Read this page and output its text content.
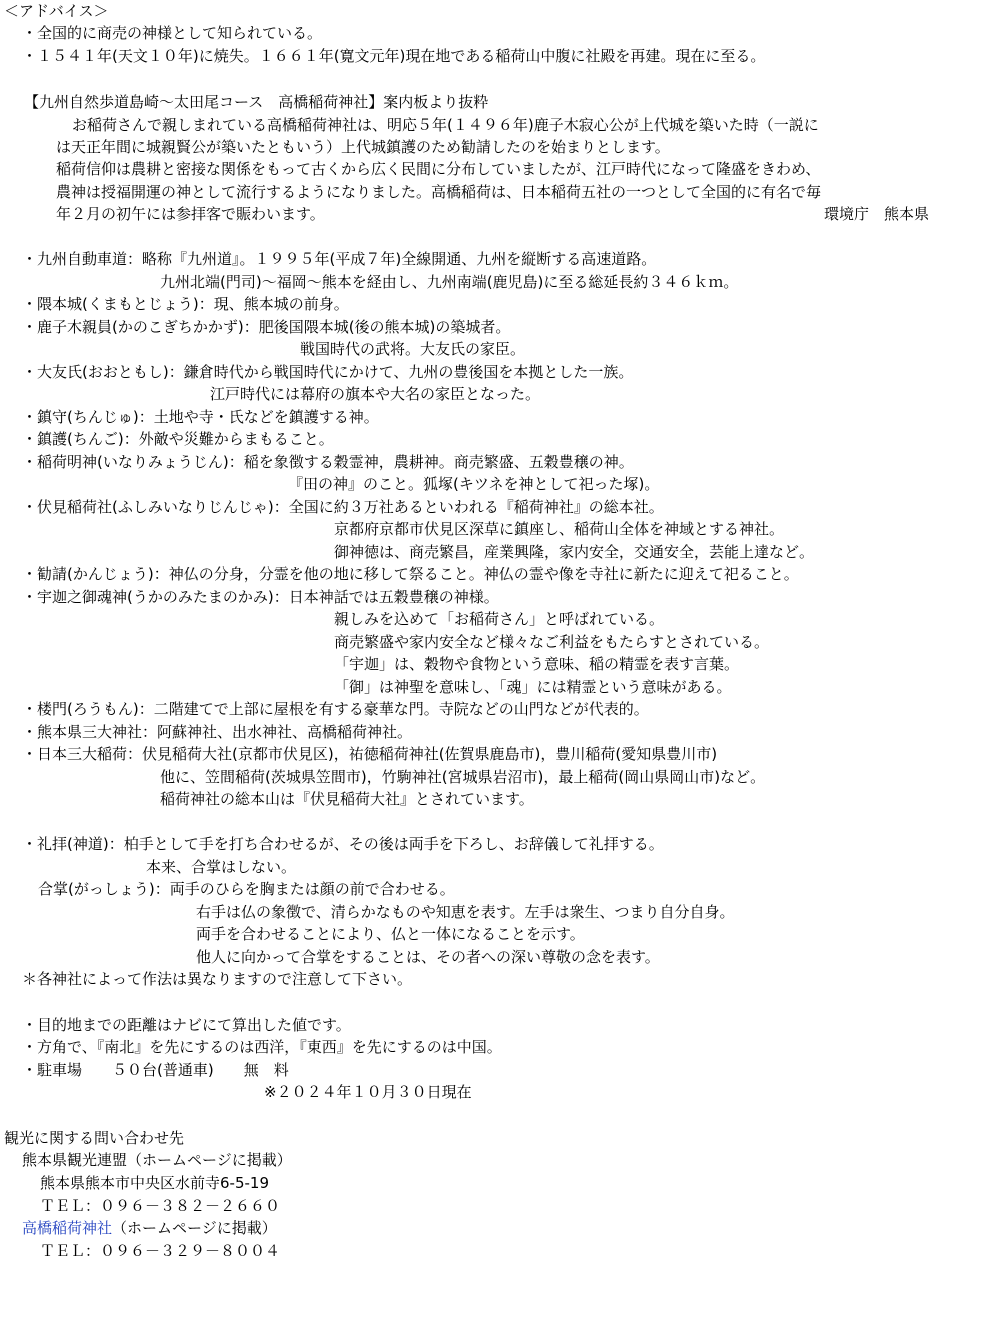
＜アドバイス＞
・全国的に商売の神様として知られている。
・１５４１年(天文１０年)に焼失。１６６１年(寛文元年)現在地である稲荷山中腹に社殿を再建。現在に至る。
【九州自然歩道島崎～太田尾コース　高橋稲荷神社】案内板より抜粋
お稲荷さんで親しまれている高橋稲荷神社は、明応５年(１４９６年)鹿子木寂心公が上代城を築いた時（一説に
は天正年間に城親賢公が築いたともいう）上代城鎮護のため勧請したのを始まりとします。
稲荷信仰は農耕と密接な関係をもって古くから広く民間に分布していましたが、江戸時代になって隆盛をきわめ、
農神は授福開運の神として流行するようになりました。高橋稲荷は、日本稲荷五社の一つとして全国的に有名で毎
年２月の初午には参拝客で賑わいます。	環境庁　熊本県
・九州自動車道：略称『九州道』。１９９５年(平成７年)全線開通、九州を縦断する高速道路。
九州北端(門司)～福岡～熊本を経由し、九州南端(鹿児島)に至る総延長約３４６ｋｍ。
・隈本城(くまもとじょう)：現、熊本城の前身。
・鹿子木親員(かのこぎちかかず)：肥後国隈本城(後の熊本城)の築城者。
戦国時代の武将。大友氏の家臣。
・大友氏(おおともし)：鎌倉時代から戦国時代にかけて、九州の豊後国を本拠とした一族。
江戸時代には幕府の旗本や大名の家臣となった。
・鎮守(ちんじゅ)：土地や寺・氏などを鎮護する神。
・鎮護(ちんご)：外敵や災難からまもること。
・稲荷明神(いなりみょうじん)：稲を象徴する穀霊神，農耕神。商売繁盛、五穀豊穣の神。
『田の神』のこと。狐塚(キツネを神として祀った塚)。
・伏見稲荷社(ふしみいなりじんじゃ)：全国に約３万社あるといわれる『稲荷神社』の総本社。
京都府京都市伏見区深草に鎮座し、稲荷山全体を神域とする神社。
御神徳は、商売繁昌，産業興隆，家内安全，交通安全，芸能上達など。
・勧請(かんじょう)：神仏の分身，分霊を他の地に移して祭ること。神仏の霊や像を寺社に新たに迎えて祀ること。
・宇迦之御魂神(うかのみたまのかみ)：日本神話では五穀豊穣の神様。
親しみを込めて「お稲荷さん」と呼ばれている。
商売繁盛や家内安全など様々なご利益をもたらすとされている。
「宇迦」は、穀物や食物という意味、稲の精霊を表す言葉。
「御」は神聖を意味し、「魂」には精霊という意味がある。
・楼門(ろうもん)：二階建てで上部に屋根を有する豪華な門。寺院などの山門などが代表的。
・熊本県三大神社：阿蘇神社、出水神社、高橋稲荷神社。
・日本三大稲荷：伏見稲荷大社(京都市伏見区)，祐徳稲荷神社(佐賀県鹿島市)，豊川稲荷(愛知県豊川市)
他に、笠間稲荷(茨城県笠間市)，竹駒神社(宮城県岩沼市)，最上稲荷(岡山県岡山市)など。
稲荷神社の総本山は『伏見稲荷大社』とされています。
・礼拝(神道)：柏手として手を打ち合わせるが、その後は両手を下ろし、お辞儀して礼拝する。
本来、合掌はしない。
合掌(がっしょう)：両手のひらを胸または顔の前で合わせる。
右手は仏の象徴で、清らかなものや知恵を表す。左手は衆生、つまり自分自身。
両手を合わせることにより、仏と一体になることを示す。
他人に向かって合掌をすることは、その者への深い尊敬の念を表す。
＊各神社によって作法は異なりますので注意して下さい。
・目的地までの距離はナビにて算出した値です。
・方角で、『南北』を先にするのは西洋，『東西』を先にするのは中国。
・駐車場　　５０台(普通車)　　無　料
※２０２４年１０月３０日現在
観光に関する問い合わせ先
熊本県観光連盟（ホームページに掲載）
熊本県熊本市中央区水前寺6-5-19
ＴＥＬ：０９６－３８２－２６６０
高橋稲荷神社（ホームページに掲載）
ＴＥＬ：０９６－３２９－８００４
